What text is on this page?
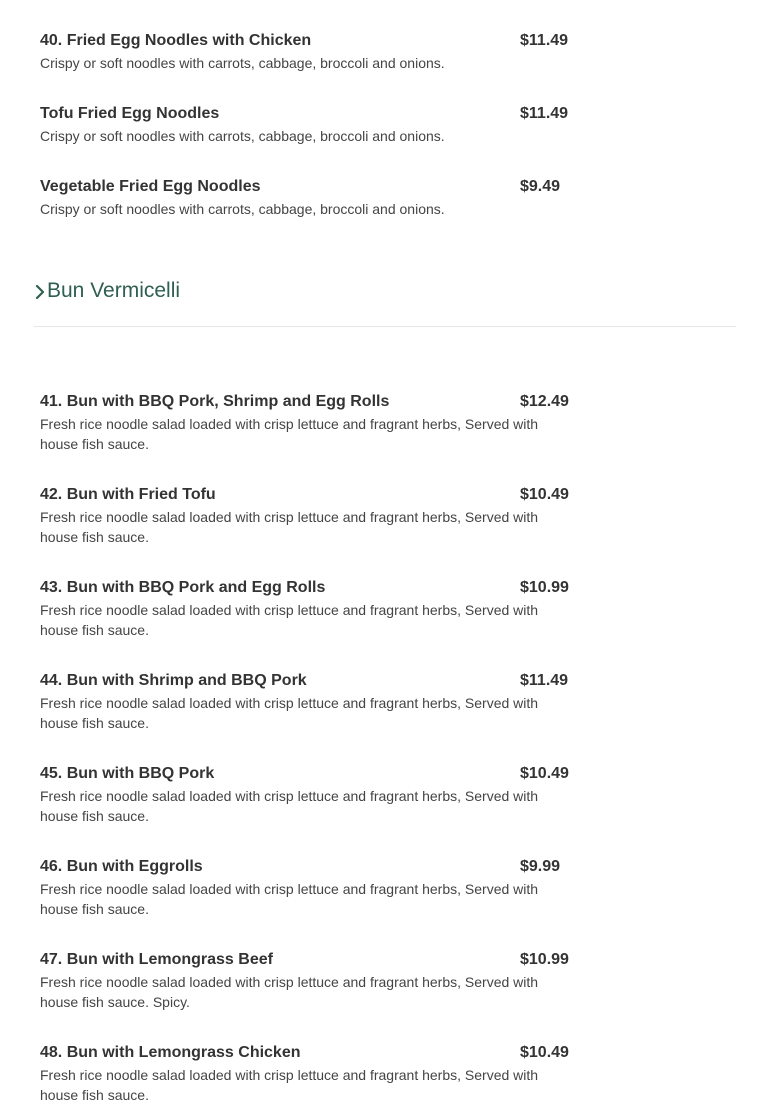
40. Fried Egg Noodles with Chicken	$11.49
Crispy or soft noodles with carrots, cabbage, broccoli and onions.
Tofu Fried Egg Noodles	$11.49
Crispy or soft noodles with carrots, cabbage, broccoli and onions.
Vegetable Fried Egg Noodles	$9.49
Crispy or soft noodles with carrots, cabbage, broccoli and onions.
Bun Vermicelli
41. Bun with BBQ Pork, Shrimp and Egg Rolls	$12.49
Fresh rice noodle salad loaded with crisp lettuce and fragrant herbs, Served with house fish sauce.
42. Bun with Fried Tofu	$10.49
Fresh rice noodle salad loaded with crisp lettuce and fragrant herbs, Served with house fish sauce.
43. Bun with BBQ Pork and Egg Rolls	$10.99
Fresh rice noodle salad loaded with crisp lettuce and fragrant herbs, Served with house fish sauce.
44. Bun with Shrimp and BBQ Pork	$11.49
Fresh rice noodle salad loaded with crisp lettuce and fragrant herbs, Served with house fish sauce.
45. Bun with BBQ Pork	$10.49
Fresh rice noodle salad loaded with crisp lettuce and fragrant herbs, Served with house fish sauce.
46. Bun with Eggrolls	$9.99
Fresh rice noodle salad loaded with crisp lettuce and fragrant herbs, Served with house fish sauce.
47. Bun with Lemongrass Beef	$10.99
Fresh rice noodle salad loaded with crisp lettuce and fragrant herbs, Served with house fish sauce. Spicy.
48. Bun with Lemongrass Chicken	$10.49
Fresh rice noodle salad loaded with crisp lettuce and fragrant herbs, Served with house fish sauce.
